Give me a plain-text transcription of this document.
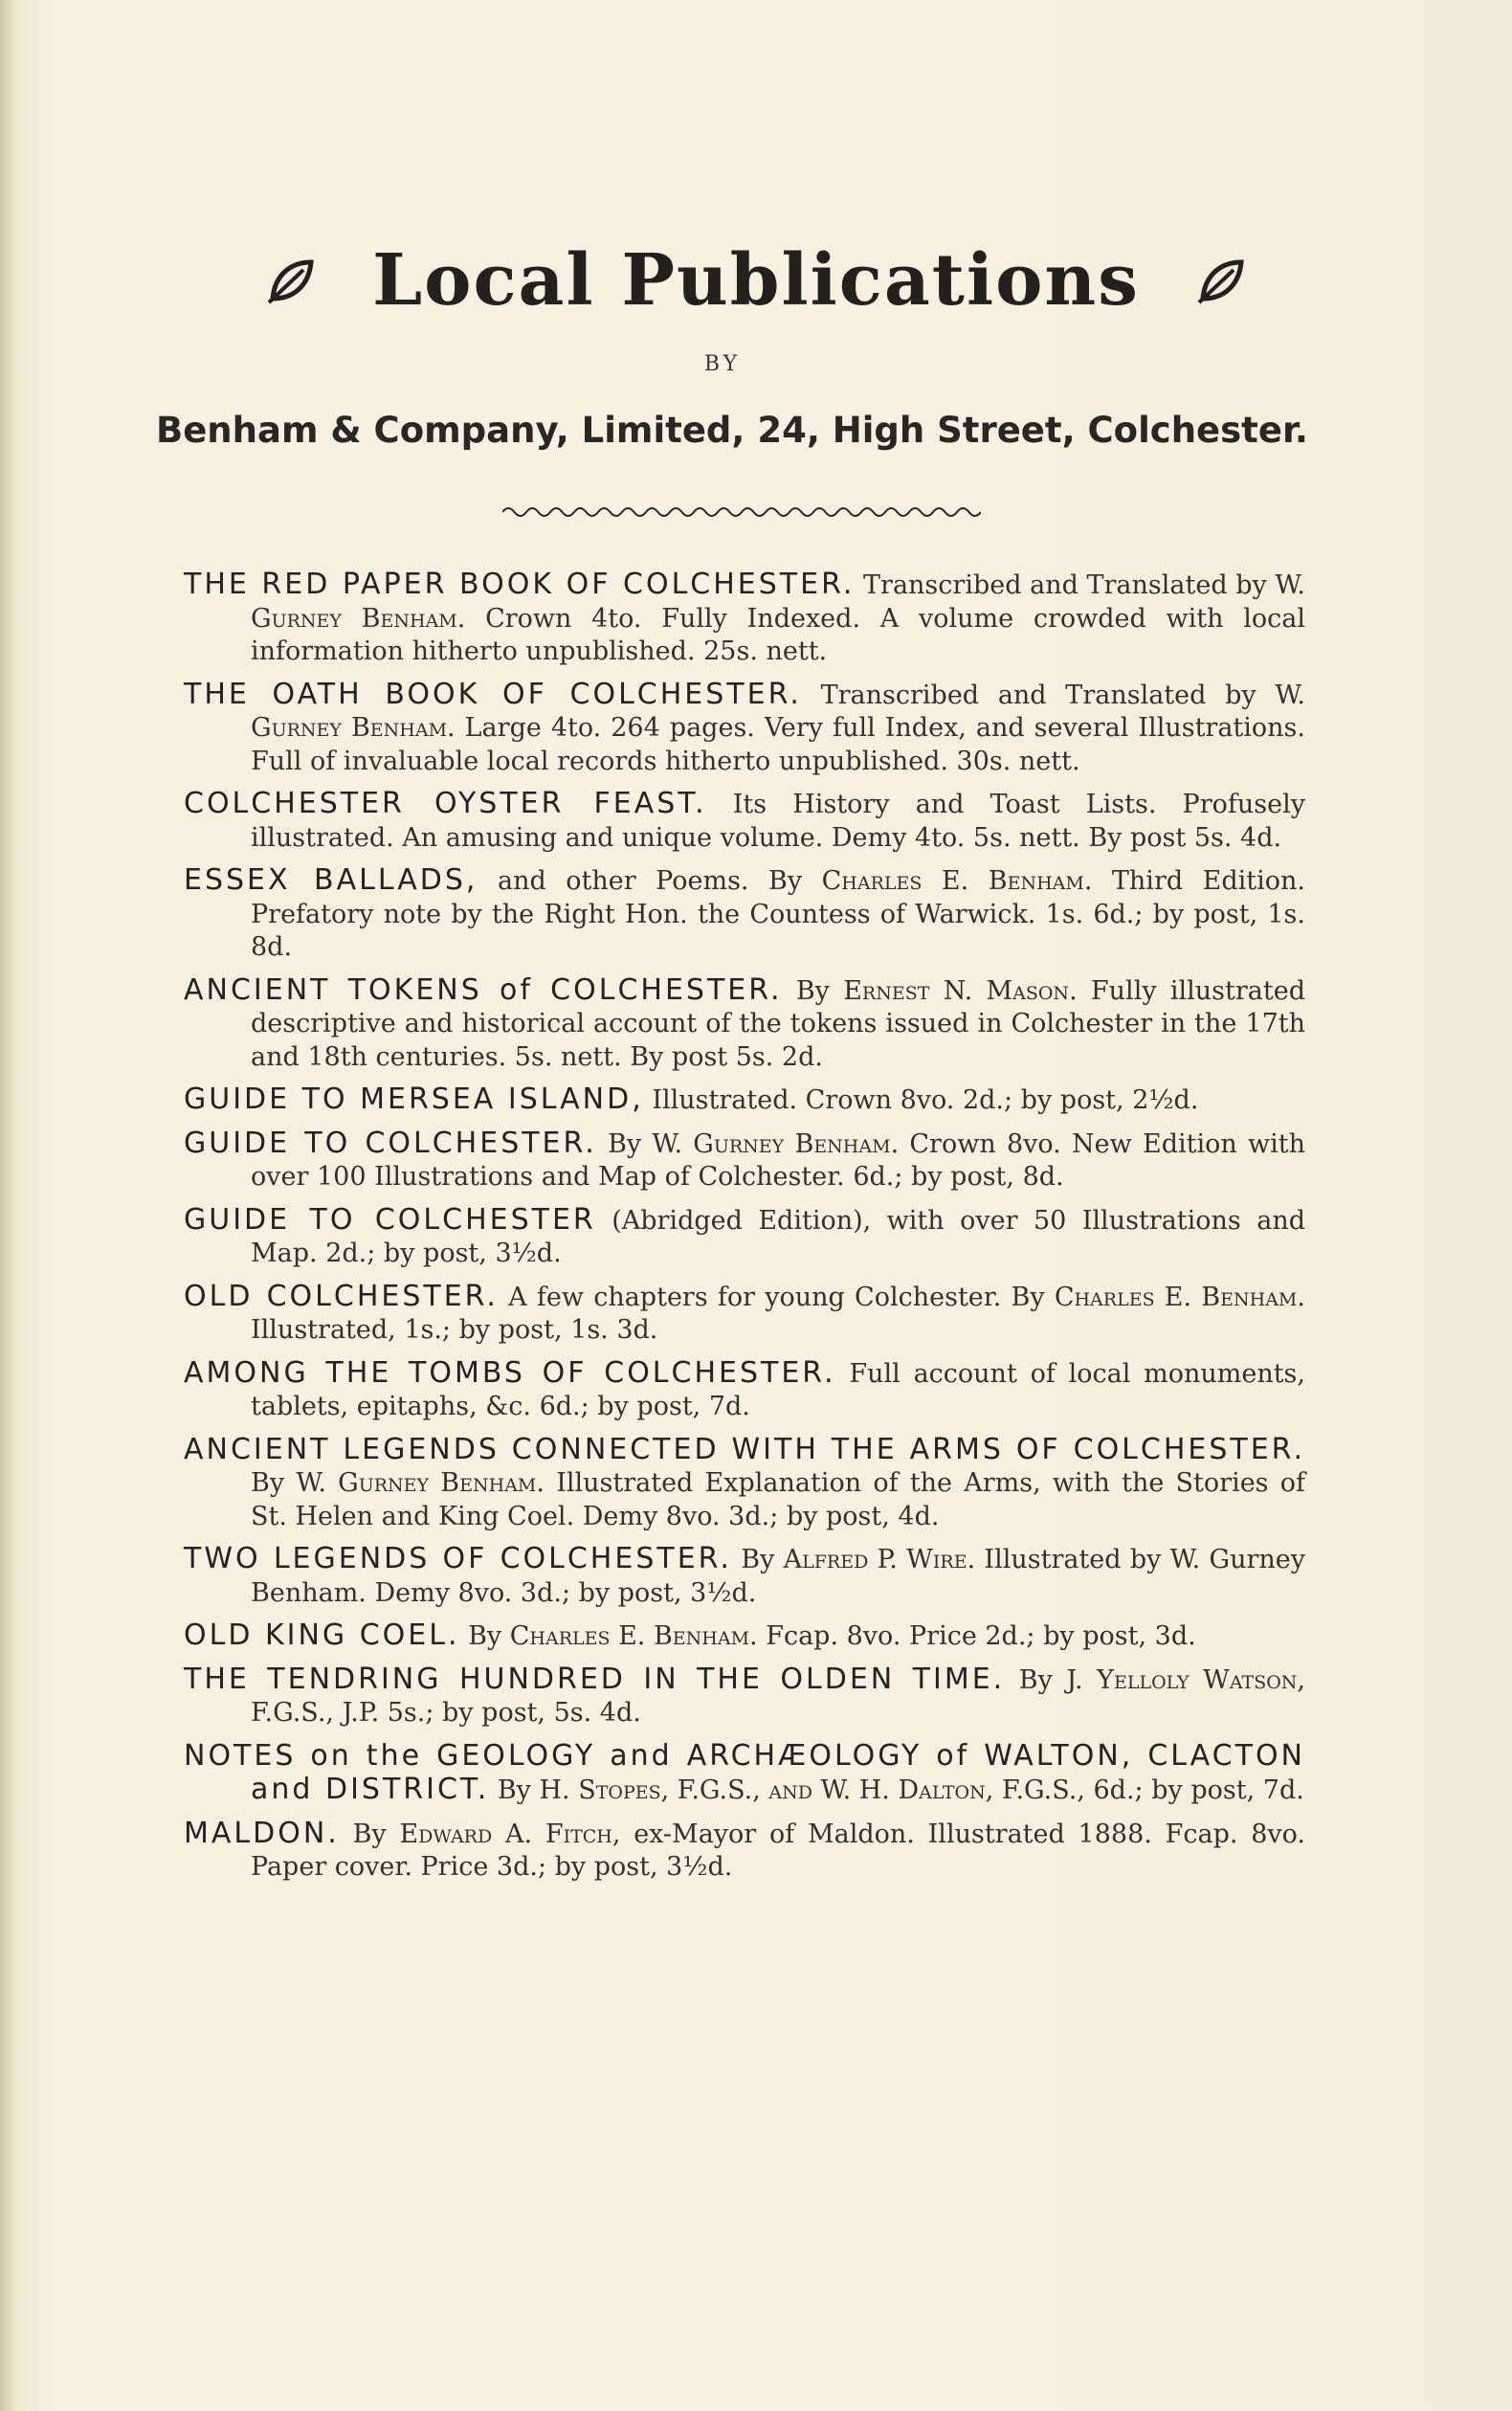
Local Publications
BY
Benham & Company, Limited, 24, High Street, Colchester.

THE RED PAPER BOOK OF COLCHESTER. Transcribed and Translated by W. Gurney Benham. Crown 4to. Fully Indexed. A volume crowded with local information hitherto unpublished. 25s. nett.

THE OATH BOOK OF COLCHESTER. Transcribed and Translated by W. Gurney Benham. Large 4to. 264 pages. Very full Index, and several Illustrations. Full of invaluable local records hitherto unpublished. 30s. nett.

COLCHESTER OYSTER FEAST. Its History and Toast Lists. Profusely illustrated. An amusing and unique volume. Demy 4to. 5s. nett. By post 5s. 4d.

ESSEX BALLADS, and other Poems. By Charles E. Benham. Third Edition. Prefatory note by the Right Hon. the Countess of Warwick. 1s. 6d.; by post, 1s. 8d.

ANCIENT TOKENS of COLCHESTER. By Ernest N. Mason. Fully illustrated descriptive and historical account of the tokens issued in Colchester in the 17th and 18th centuries. 5s. nett. By post 5s. 2d.

GUIDE TO MERSEA ISLAND, Illustrated. Crown 8vo. 2d.; by post, 2½d.

GUIDE TO COLCHESTER. By W. Gurney Benham. Crown 8vo. New Edition with over 100 Illustrations and Map of Colchester. 6d.; by post, 8d.

GUIDE TO COLCHESTER (Abridged Edition), with over 50 Illustrations and Map. 2d.; by post, 3½d.

OLD COLCHESTER. A few chapters for young Colchester. By Charles E. Benham. Illustrated, 1s.; by post, 1s. 3d.

AMONG THE TOMBS OF COLCHESTER. Full account of local monuments, tablets, epitaphs, &c. 6d.; by post, 7d.

ANCIENT LEGENDS CONNECTED WITH THE ARMS OF COLCHESTER. By W. Gurney Benham. Illustrated Explanation of the Arms, with the Stories of St. Helen and King Coel. Demy 8vo. 3d.; by post, 4d.

TWO LEGENDS OF COLCHESTER. By Alfred P. Wire. Illustrated by W. Gurney Benham. Demy 8vo. 3d.; by post, 3½d.

OLD KING COEL. By Charles E. Benham. Fcap. 8vo. Price 2d.; by post, 3d.

THE TENDRING HUNDRED IN THE OLDEN TIME. By J. Yelloly Watson, F.G.S., J.P. 5s.; by post, 5s. 4d.

NOTES on the GEOLOGY and ARCHÆOLOGY of WALTON, CLACTON and DISTRICT. By H. Stopes, F.G.S., and W. H. Dalton, F.G.S., 6d.; by post, 7d.

MALDON. By Edward A. Fitch, ex-Mayor of Maldon. Illustrated 1888. Fcap. 8vo. Paper cover. Price 3d.; by post, 3½d.
